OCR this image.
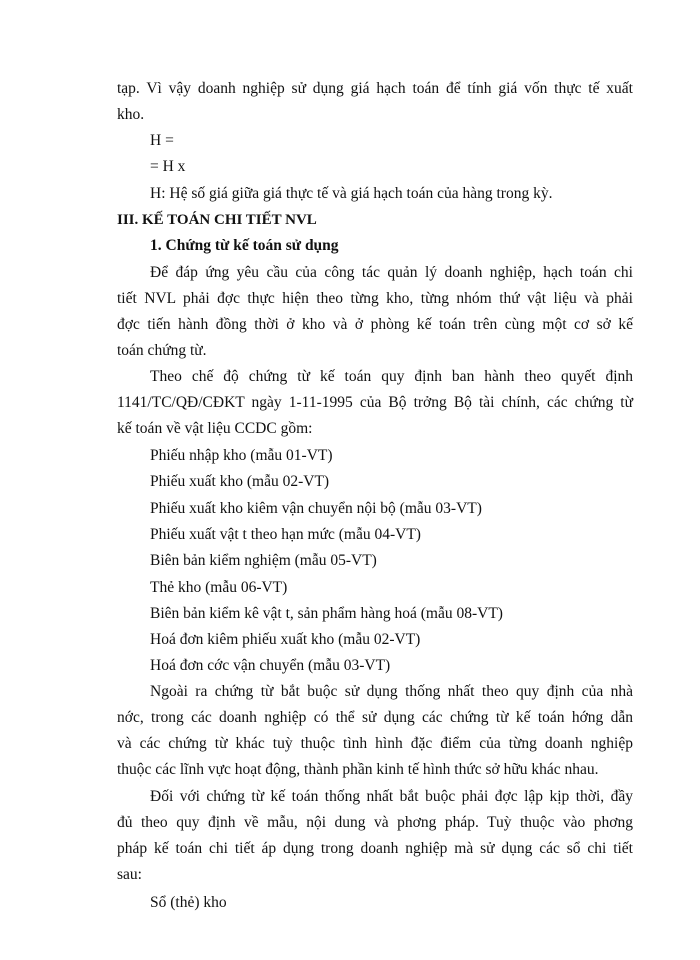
tạp. Vì vậy doanh nghiệp sử dụng giá hạch toán để tính giá vốn thực tế xuất
kho.
H =
= H x
H: Hệ số giá giữa giá thực tế và giá hạch toán của hàng trong kỳ.
III. KẾ TOÁN CHI TIẾT NVL
1. Chứng từ kế toán sử dụng
Để đáp ứng yêu cầu của công tác quản lý doanh nghiệp, hạch toán chi
tiết NVL phải đợc thực hiện theo từng kho, từng nhóm thứ vật liệu và phải
đợc tiến hành đồng thời ở kho và ở phòng kế toán trên cùng một cơ sở kế
toán chứng từ.
Theo chế độ chứng từ kế toán quy định ban hành theo quyết định
1141/TC/QĐ/CĐKT ngày 1-11-1995 của Bộ trởng Bộ tài chính, các chứng từ
kế toán về vật liệu CCDC gồm:
Phiếu nhập kho (mẫu 01-VT)
Phiếu xuất kho (mẫu 02-VT)
Phiếu xuất kho kiêm vận chuyển nội bộ (mẫu 03-VT)
Phiếu xuất vật t theo hạn mức (mẫu 04-VT)
Biên bản kiểm nghiệm (mẫu 05-VT)
Thẻ kho (mẫu 06-VT)
Biên bản kiểm kê vật t, sản phẩm hàng hoá (mẫu 08-VT)
Hoá đơn kiêm phiếu xuất kho (mẫu 02-VT)
Hoá đơn cớc vận chuyển (mẫu 03-VT)
Ngoài ra chứng từ bắt buộc sử dụng thống nhất theo quy định của nhà
nớc, trong các doanh nghiệp có thể sử dụng các chứng từ kế toán hớng dẫn
và các chứng từ khác tuỳ thuộc tình hình đặc điểm của từng doanh nghiệp
thuộc các lĩnh vực hoạt động, thành phần kinh tế hình thức sở hữu khác nhau.
Đối với chứng từ kế toán thống nhất bắt buộc phải đợc lập kịp thời, đầy
đủ theo quy định về mẫu, nội dung và phơng pháp. Tuỳ thuộc vào phơng
pháp kế toán chi tiết áp dụng trong doanh nghiệp mà sử dụng các sổ chi tiết
sau:
Sổ (thẻ) kho
